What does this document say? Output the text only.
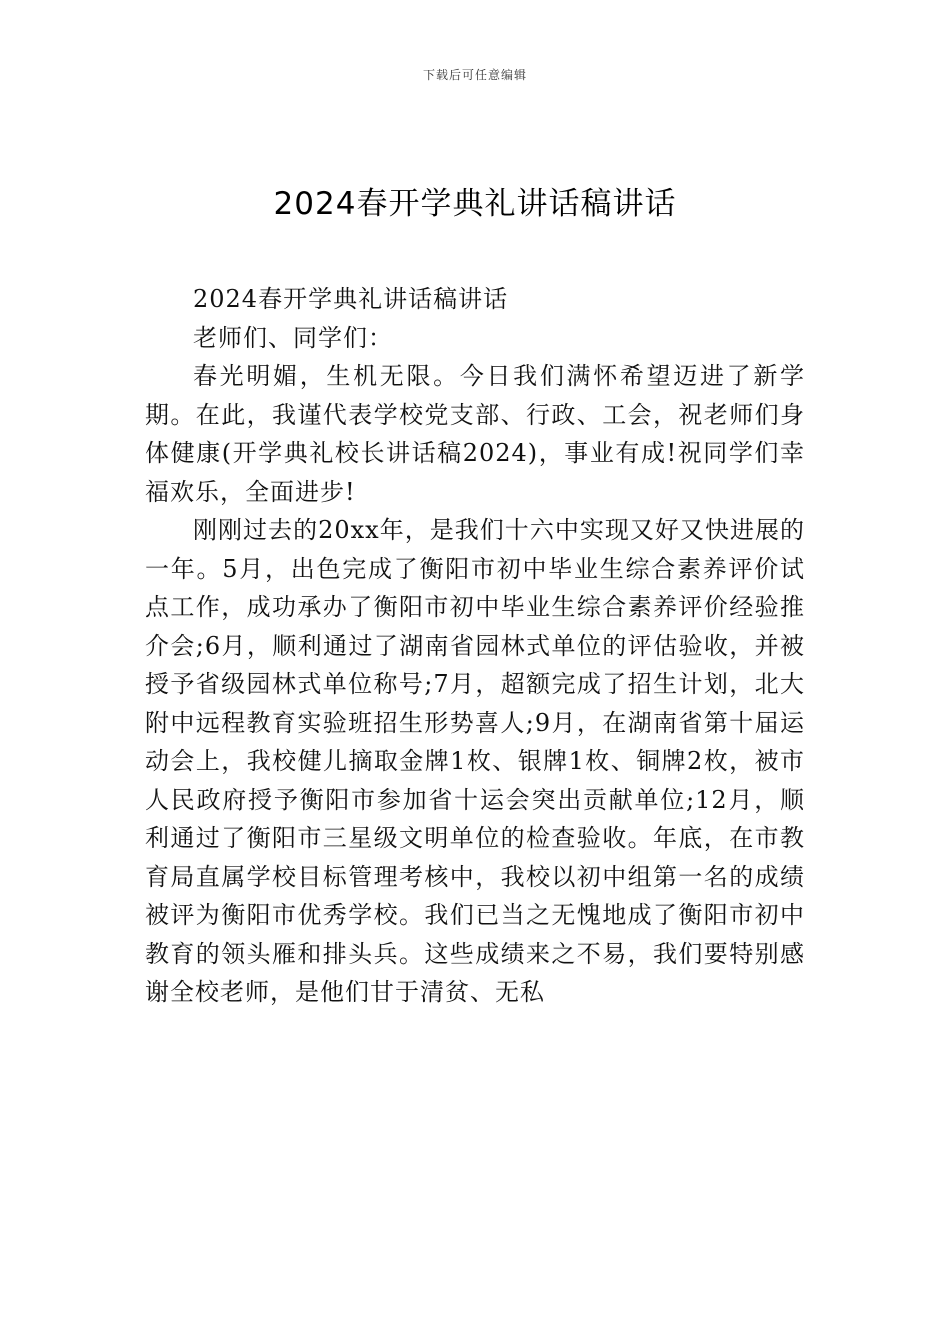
下载后可任意编辑
2024春开学典礼讲话稿讲话

2024春开学典礼讲话稿讲话

老师们、同学们：

春光明媚，生机无限。今日我们满怀希望迈进了新学期。在此，我谨代表学校党支部、行政、工会，祝老师们身体健康(开学典礼校长讲话稿2024)，事业有成!祝同学们幸福欢乐，全面进步!

刚刚过去的20xx年，是我们十六中实现又好又快进展的一年。5月，出色完成了衡阳市初中毕业生综合素养评价试点工作，成功承办了衡阳市初中毕业生综合素养评价经验推介会;6月，顺利通过了湖南省园林式单位的评估验收，并被授予省级园林式单位称号;7月，超额完成了招生计划，北大附中远程教育实验班招生形势喜人;9月，在湖南省第十届运动会上，我校健儿摘取金牌1枚、银牌1枚、铜牌2枚，被市人民政府授予衡阳市参加省十运会突出贡献单位;12月，顺利通过了衡阳市三星级文明单位的检查验收。年底，在市教育局直属学校目标管理考核中，我校以初中组第一名的成绩被评为衡阳市优秀学校。我们已当之无愧地成了衡阳市初中教育的领头雁和排头兵。这些成绩来之不易，我们要特别感谢全校老师，是他们甘于清贫、无私
